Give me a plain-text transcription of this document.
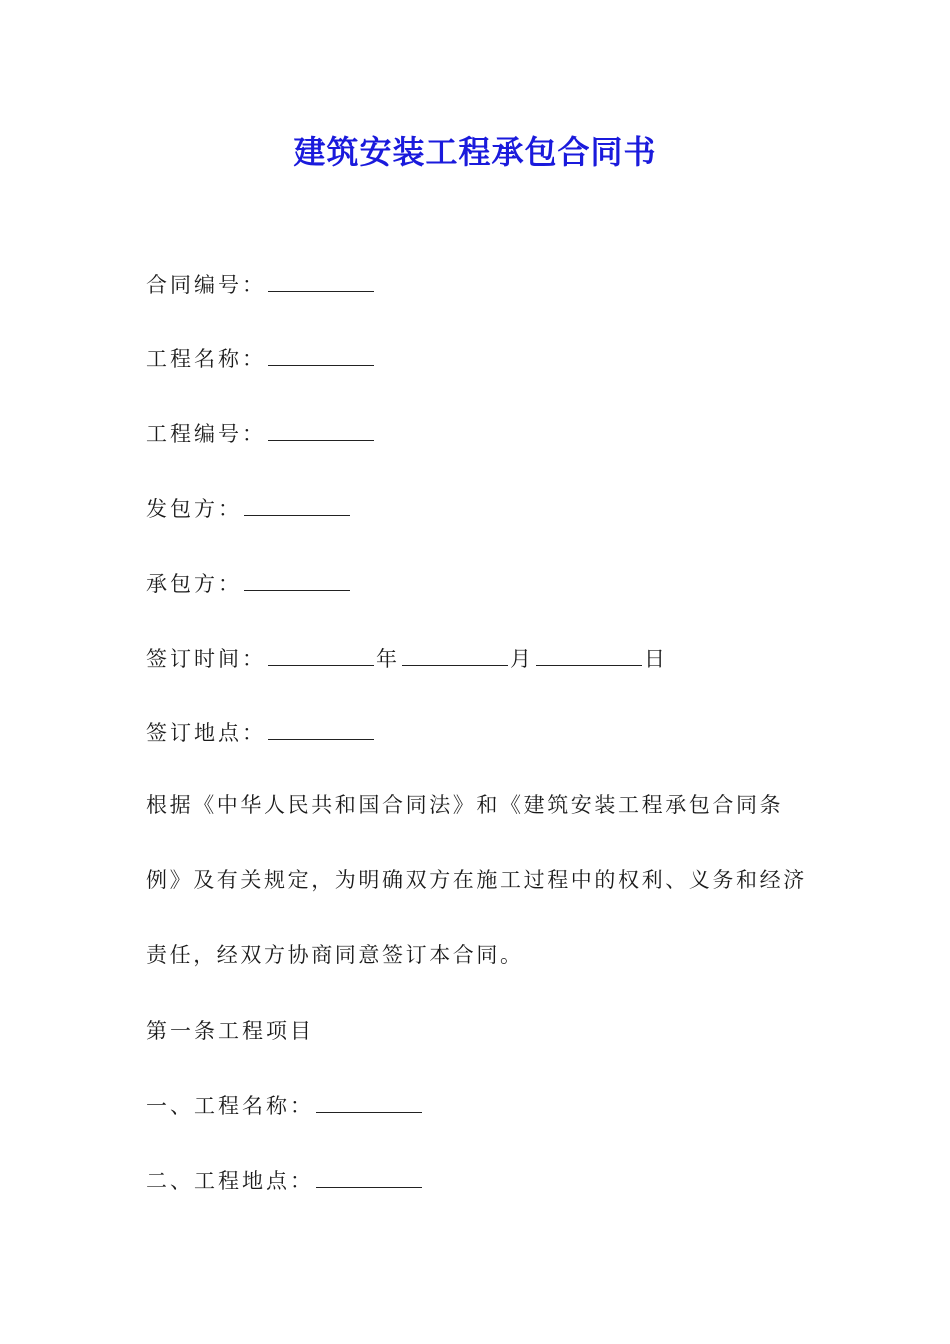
建筑安装工程承包合同书
合同编号：
工程名称：
工程编号：
发包方：
承包方：
签订时间：	年	月	日
签订地点：

根据《中华人民共和国合同法》和《建筑安装工程承包合同条例》及有关规定，为明确双方在施工过程中的权利、义务和经济责任，经双方协商同意签订本合同。

第一条工程项目
一、工程名称：
二、工程地点：
